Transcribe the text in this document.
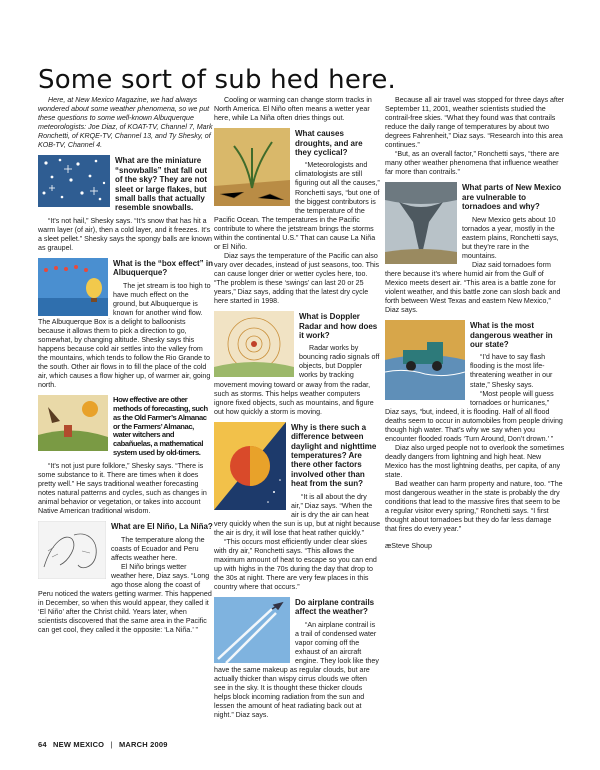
Some sort of sub hed here.

Here, at New Mexico Magazine, we had always wondered about some weather phenomena, so we put these questions to some well-known Albuquerque meteorologists: Joe Diaz, of KOAT-TV, Channel 7, Mark Ronchetti, of KRQE-TV, Channel 13, and Ty Shesky, of KOB-TV, Channel 4.

What are the miniature “snowballs” that fall out of the sky? They are not sleet or large flakes, but small balls that actually resemble snowballs.

“It’s not hail,” Shesky says. “It’s snow that has hit a warm layer (of air), then a cold layer, and it freezes. It’s a sleet pellet.” Shesky says the spongy balls are known as graupel.

What is the “box effect” in Albuquerque?

The jet stream is too high to have much effect on the ground, but Albuquerque is known for another wind flow. The Albuquerque Box is a delight to balloonists because it allows them to pick a direction to go, somewhat, by changing altitude. Shesky says this happens because cold air settles into the valley from the mountains, which tends to follow the Rio Grande to the south. Other air flows in to fill the place of the cold air, which causes a flow higher up, of warmer air, going north.

How effective are other methods of forecasting, such as the Old Farmer’s Almanac or the Farmers’ Almanac, water witchers and cabañuelas, a mathematical system used by old-timers.

“It’s not just pure folklore,” Shesky says. “There is some substance to it. There are times when it does pretty well.” He says traditional weather forecasting notes natural patterns and cycles, such as changes in animal behavior or vegetation, or takes into account Native American traditional wisdom.

What are El Niño, La Niña?

The temperature along the coasts of Ecuador and Peru affects weather here.

El Niño brings wetter weather here, Diaz says. “Long ago those along the coast of Peru noticed the waters getting warmer. This happened in December, so when this would appear, they called it ‘El Niño’ after the Christ child. Years later, when scientists discovered that the same area in the Pacific can get cool, they called it the opposite: ‘La Niña.’ ”

Cooling or warming can change storm tracks in North America. El Niño often means a wetter year here, while La Niña often dries things out.

What causes droughts, and are they cyclical?

“Meteorologists and climatologists are still figuring out all the causes,” Ronchetti says, “but one of the biggest contributors is the temperature of the Pacific Ocean. The temperatures in the Pacific contribute to where the jetstream brings the storms within the continental U.S.” That can cause La Niña or El Niño.

Diaz says the temperature of the Pacific can also vary over decades, instead of just seasons, too. This can cause longer drier or wetter cycles here, too. “The problem is these ‘swings’ can last 20 or 25 years,” Diaz says, adding that the latest dry cycle here started in 1998.

What is Doppler Radar and how does it work?

Radar works by bouncing radio signals off objects, but Doppler works by tracking movement moving toward or away from the radar, such as storms. This helps weather computers ignore fixed objects, such as mountains, and figure out how quickly a storm is moving.

Why is there such a difference between daylight and nighttime temperatures? Are there other factors involved other than heat from the sun?

“It is all about the dry air,” Diaz says. “When the air is dry the air can heat very quickly when the sun is up, but at night because the air is dry, it will lose that heat rather quickly.”

“This occurs most efficiently under clear skies with dry air,” Ronchetti says. “This allows the maximum amount of heat to escape so you can end up with highs in the 70s during the day that drop to the 30s at night. There are very few places in this country where that occurs.”

Do airplane contrails affect the weather?

“An airplane contrail is a trail of condensed water vapor coming off the exhaust of an aircraft engine. They look like they have the same makeup as regular clouds, but are actually thicker than wispy cirrus clouds we often see in the sky. It is thought these thicker clouds helps block incoming radiation from the sun and lessen the amount of heat radiating back out at night.” Diaz says.

Because all air travel was stopped for three days after September 11, 2001, weather scientists studied the contrail-free skies. “What they found was that contrails reduce the daily range of temperatures by about two degrees Fahrenheit,” Diaz says. “Research into this area continues.”

“But, as an overall factor,” Ronchetti says, “there are many other weather phenomena that influence weather far more than contrails.”

What parts of New Mexico are vulnerable to tornadoes and why?

New Mexico gets about 10 tornados a year, mostly in the eastern plains, Ronchetti says, but they’re rare in the mountains.

Diaz said tornadoes form there because it’s where humid air from the Gulf of Mexico meets desert air. “This area is a battle zone for violent weather, and this battle zone can slosh back and forth between West Texas and eastern New Mexico,” Diaz says.

What is the most dangerous weather in our state?

“I’d have to say flash flooding is the most life-threatening weather in our state,” Shesky says.

“Most people will guess tornadoes or hurricanes,” Diaz says, “but, indeed, it is flooding. Half of all flood deaths seem to occur in automobiles from people driving though high water. That’s why we say when you encounter flooded roads ‘Turn Around, Don’t drown.’ ”

Diaz also urged people not to overlook the sometimes deadly dangers from lightning and high heat. New Mexico has the most lightning deaths, per capita, of any state.

Bad weather can harm property and nature, too. “The most dangerous weather in the state is probably the dry conditions that lead to the massive fires that seem to be a regular visitor every spring,” Ronchetti says. “I first thought about tornadoes but they do far less damage that fires do every year.”

æSteve Shoup
64 NEW MEXICO | MARCH 2009
